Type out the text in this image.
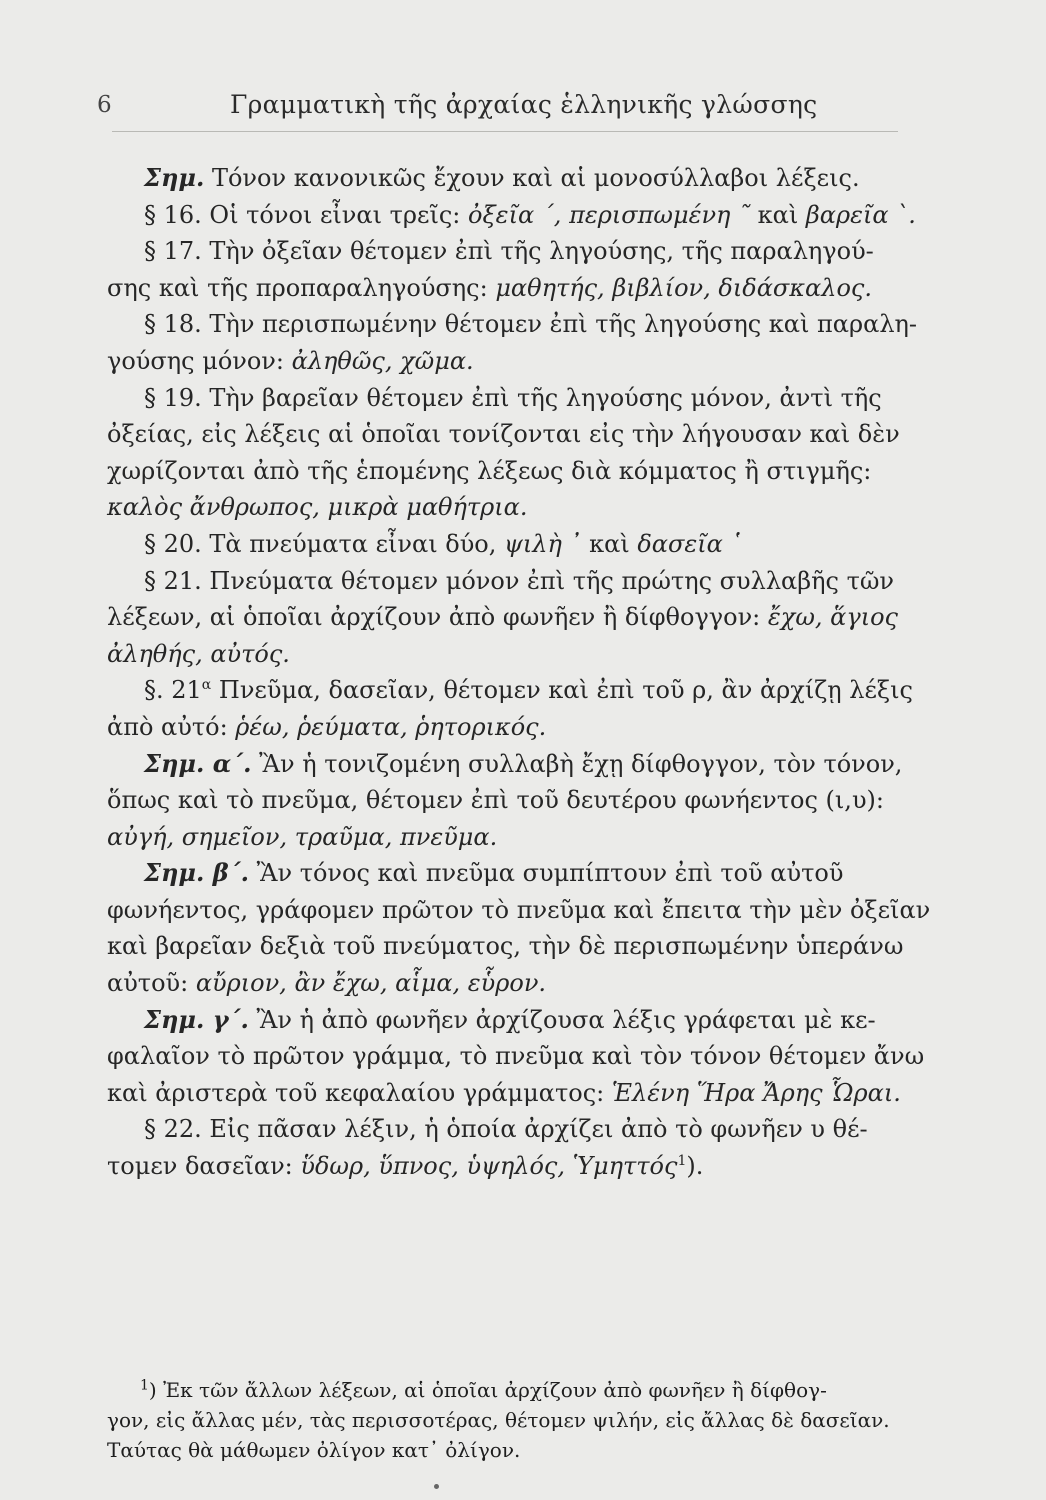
6	Γραμματικὴ τῆς ἀρχαίας ἑλληνικῆς γλώσσης

Σημ. Τόνον κανονικῶς ἔχουν καὶ αἱ μονοσύλλαβοι λέξεις.

§ 16. Οἱ τόνοι εἶναι τρεῖς: ὀξεῖα ´, περισπωμένη ῀ καὶ βαρεῖα `.

§ 17. Τὴν ὀξεῖαν θέτομεν ἐπὶ τῆς ληγούσης, τῆς παραληγού-

σης καὶ τῆς προπαραληγούσης: μαθητής, βιβλίον, διδάσκαλος.

§ 18. Τὴν περισπωμένην θέτομεν ἐπὶ τῆς ληγούσης καὶ παραλη-

γούσης μόνον: ἀληθῶς, χῶμα.

§ 19. Τὴν βαρεῖαν θέτομεν ἐπὶ τῆς ληγούσης μόνον, ἀντὶ τῆς

ὀξείας, εἰς λέξεις αἱ ὁποῖαι τονίζονται εἰς τὴν λήγουσαν καὶ δὲν

χωρίζονται ἀπὸ τῆς ἑπομένης λέξεως διὰ κόμματος ἢ στιγμῆς:

καλὸς ἄνθρωπος, μικρὰ μαθήτρια.

§ 20. Τὰ πνεύματα εἶναι δύο, ψιλὴ ᾿ καὶ δασεῖα ῾

§ 21. Πνεύματα θέτομεν μόνον ἐπὶ τῆς πρώτης συλλαβῆς τῶν

λέξεων, αἱ ὁποῖαι ἀρχίζουν ἀπὸ φωνῆεν ἢ δίφθογγον: ἔχω, ἅγιος

ἀληθής, αὐτός.

§. $21^\alpha$ Πνεῦμα, δασεῖαν, θέτομεν καὶ ἐπὶ τοῦ ρ, ἂν ἀρχίζῃ λέξις

ἀπὸ αὐτό: ῥέω, ῥεύματα, ῥητορικός.

Σημ. α´. Ἂν ἡ τονιζομένη συλλαβὴ ἔχῃ δίφθογγον, τὸν τόνον,

ὅπως καὶ τὸ πνεῦμα, θέτομεν ἐπὶ τοῦ δευτέρου φωνήεντος (ι,υ):

αὐγή, σημεῖον, τραῦμα, πνεῦμα.

Σημ. β´. Ἂν τόνος καὶ πνεῦμα συμπίπτουν ἐπὶ τοῦ αὐτοῦ

φωνήεντος, γράφομεν πρῶτον τὸ πνεῦμα καὶ ἔπειτα τὴν μὲν ὀξεῖαν

καὶ βαρεῖαν δεξιὰ τοῦ πνεύματος, τὴν δὲ περισπωμένην ὑπεράνω

αὐτοῦ: αὔριον, ἂν ἔχω, αἷμα, εὗρον.

Σημ. γ´. Ἂν ἡ ἀπὸ φωνῆεν ἀρχίζουσα λέξις γράφεται μὲ κε-

φαλαῖον τὸ πρῶτον γράμμα, τὸ πνεῦμα καὶ τὸν τόνον θέτομεν ἄνω

καὶ ἀριστερὰ τοῦ κεφαλαίου γράμματος: Ἑλένη Ἥρα Ἄρης Ὧραι.

§ 22. Εἰς πᾶσαν λέξιν, ἡ ὁποία ἀρχίζει ἀπὸ τὸ φωνῆεν υ θέ-

τομεν δασεῖαν: ὕδωρ, ὕπνος, ὑψηλός, Ὑμηττός$^1$).

$^1$) Ἐκ τῶν ἄλλων λέξεων, αἱ ὁποῖαι ἀρχίζουν ἀπὸ φωνῆεν ἢ δίφθογ-

γον, εἰς ἄλλας μέν, τὰς περισσοτέρας, θέτομεν ψιλήν, εἰς ἄλλας δὲ δασεῖαν.

Ταύτας θὰ μάθωμεν ὀλίγον κατ᾽ ὀλίγον.
